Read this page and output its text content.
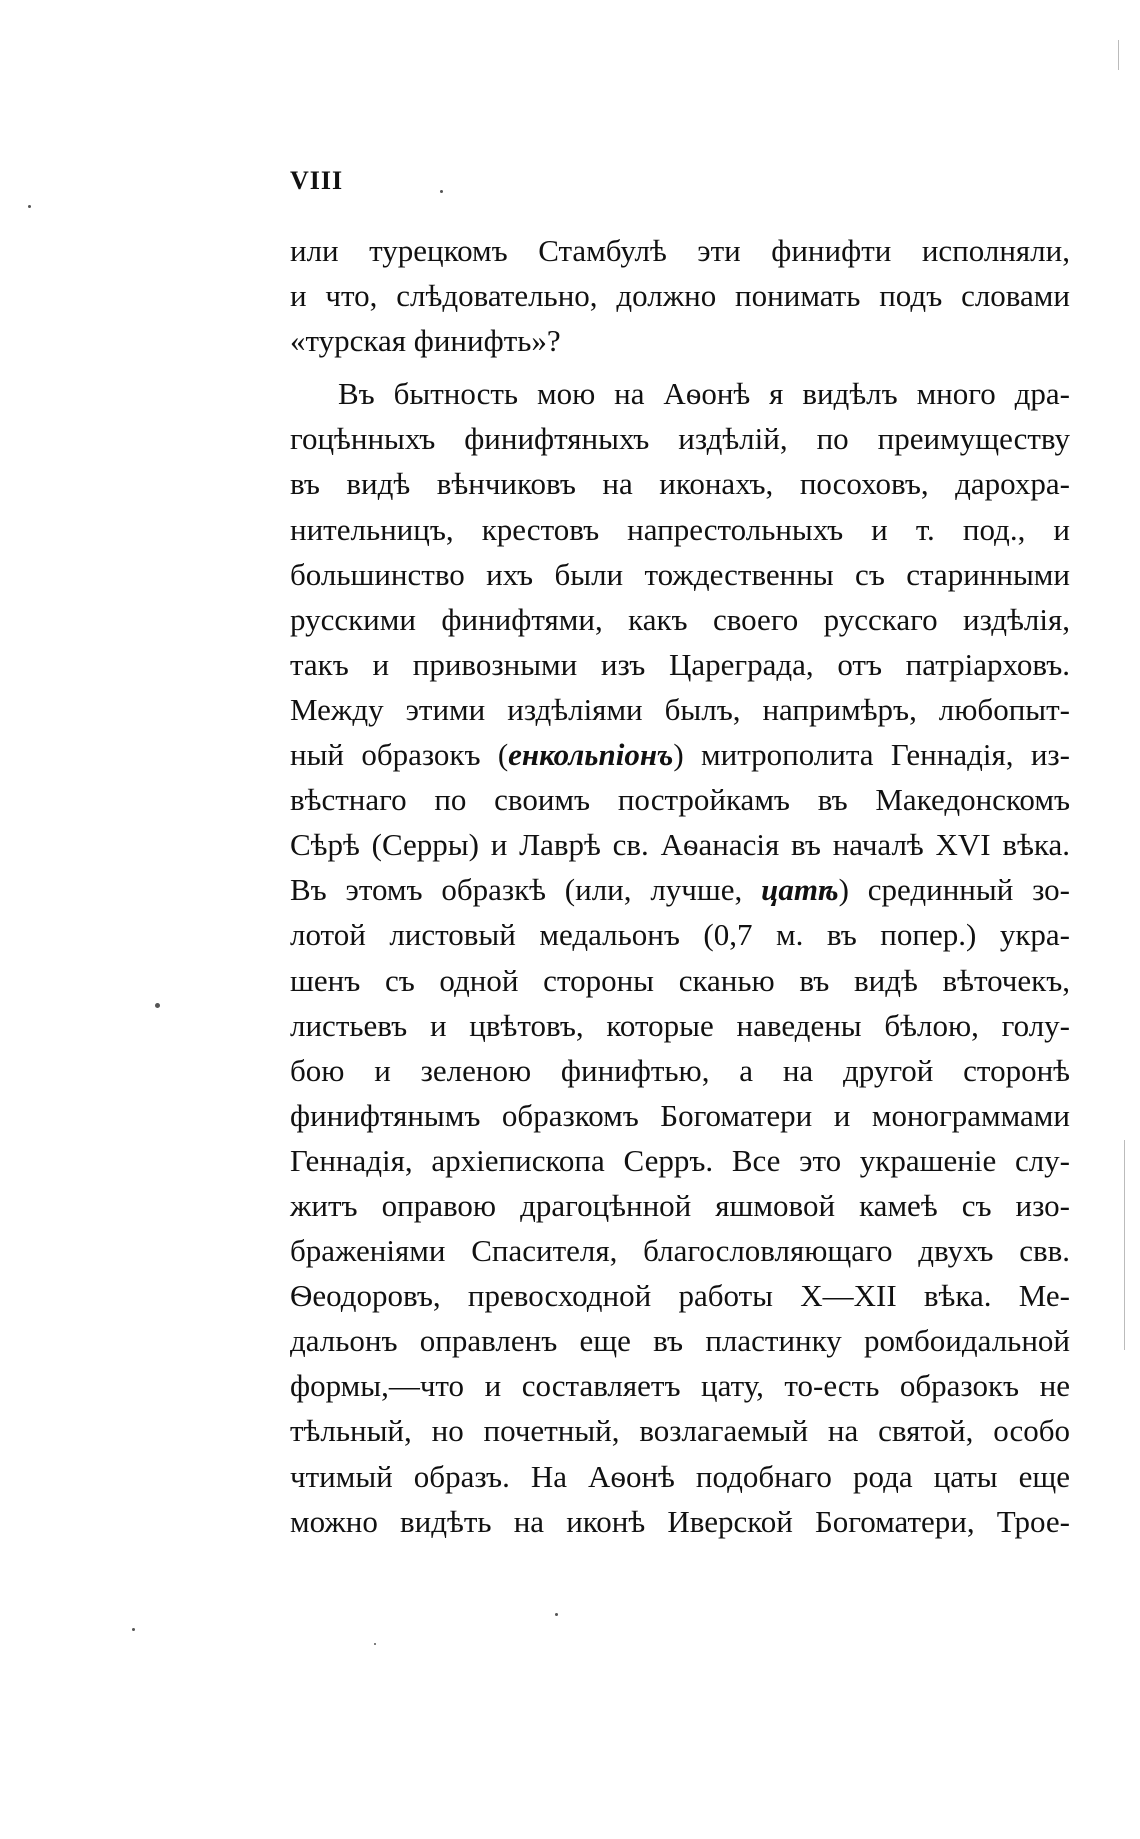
VIII
или турецкомъ Стамбулѣ эти финифти исполняли,
и что, слѣдовательно, должно понимать подъ словами
«турская финифть»?
Въ бытность мою на Аѳонѣ я видѣлъ много дра-
гоцѣнныхъ финифтяныхъ издѣлій, по преимуществу
въ видѣ вѣнчиковъ на иконахъ, посоховъ, дарохра-
нительницъ, крестовъ напрестольныхъ и т. под., и
большинство ихъ были тождественны съ старинными
русскими финифтями, какъ своего русскаго издѣлія,
такъ и привозными изъ Цареграда, отъ патріарховъ.
Между этими издѣліями былъ, напримѣръ, любопыт-
ный образокъ (енкольпіонъ) митрополита Геннадія, из-
вѣстнаго по своимъ постройкамъ въ Македонскомъ
Сѣрѣ (Серры) и Лаврѣ св. Аѳанасія въ началѣ XVI вѣка.
Въ этомъ образкѣ (или, лучше, цатѣ) срединный зо-
лотой листовый медальонъ (0,7 м. въ попер.) укра-
шенъ съ одной стороны сканью въ видѣ вѣточекъ,
листьевъ и цвѣтовъ, которые наведены бѣлою, голу-
бою и зеленою финифтью, а на другой сторонѣ
финифтянымъ образкомъ Богоматери и монограммами
Геннадія, архіепископа Серръ. Все это украшеніе слу-
житъ оправою драгоцѣнной яшмовой камеѣ съ изо-
браженіями Спасителя, благословляющаго двухъ свв.
Ѳеодоровъ, превосходной работы X—XII вѣка. Ме-
дальонъ оправленъ еще въ пластинку ромбоидальной
формы,—что и составляетъ цату, то-есть образокъ не
тѣльный, но почетный, возлагаемый на святой, особо
чтимый образъ. На Аѳонѣ подобнаго рода цаты еще
можно видѣть на иконѣ Иверской Богоматери, Трое-
